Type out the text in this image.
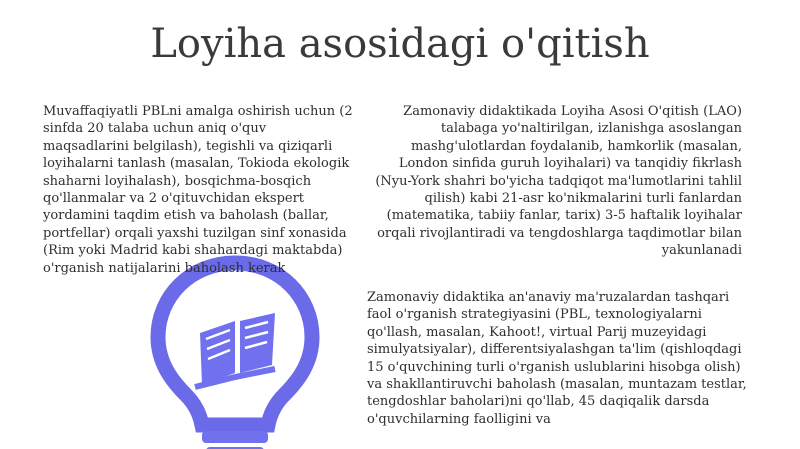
Loyiha asosidagi o'qitish

Muvaffaqiyatli PBLni amalga oshirish uchun (2 sinfda 20 talaba uchun aniq o'quv maqsadlarini belgilash), tegishli va qiziqarli loyihalarni tanlash (masalan, Tokioda ekologik shaharni loyihalash), bosqichma-bosqich qo'llanmalar va 2 o'qituvchidan ekspert yordamini taqdim etish va baholash (ballar, portfellar) orqali yaxshi tuzilgan sinf xonasida (Rim yoki Madrid kabi shahardagi maktabda) o'rganish natijalarini baholash kerak

Zamonaviy didaktikada Loyiha Asosi O'qitish (LAO) talabaga yo'naltirilgan, izlanishga asoslangan mashg'ulotlardan foydalanib, hamkorlik (masalan, London sinfida guruh loyihalari) va tanqidiy fikrlash (Nyu-York shahri bo'yicha tadqiqot ma'lumotlarini tahlil qilish) kabi 21-asr ko'nikmalarini turli fanlardan (matematika, tabiiy fanlar, tarix) 3-5 haftalik loyihalar orqali rivojlantiradi va tengdoshlarga taqdimotlar bilan yakunlanadi

Zamonaviy didaktika an'anaviy ma'ruzalardan tashqari faol o'rganish strategiyasini (PBL, texnologiyalarni qo'llash, masalan, Kahoot!, virtual Parij muzeyidagi simulyatsiyalar), differentsiyalashgan ta'lim (qishloqdagi 15 o'quvchining turli o'rganish uslublarini hisobga olish) va shakllantiruvchi baholash (masalan, muntazam testlar, tengdoshlar baholari)ni qo'llab, 45 daqiqalik darsda o'quvchilarning faolligini va
